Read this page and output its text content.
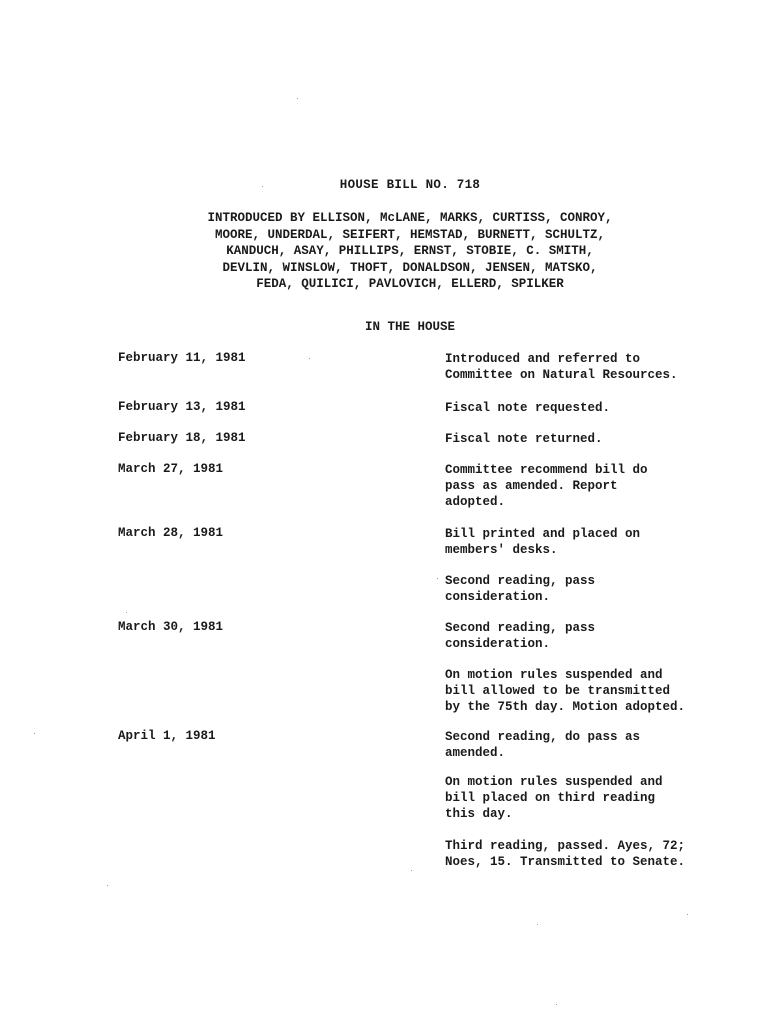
HOUSE BILL NO. 718
INTRODUCED BY ELLISON, McLANE, MARKS, CURTISS, CONROY,
MOORE, UNDERDAL, SEIFERT, HEMSTAD, BURNETT, SCHULTZ,
KANDUCH, ASAY, PHILLIPS, ERNST, STOBIE, C. SMITH,
DEVLIN, WINSLOW, THOFT, DONALDSON, JENSEN, MATSKO,
FEDA, QUILICI, PAVLOVICH, ELLERD, SPILKER
IN THE HOUSE
February 11, 1981	Introduced and referred to
Committee on Natural Resources.
February 13, 1981	Fiscal note requested.
February 18, 1981	Fiscal note returned.
March 27, 1981	Committee recommend bill do
pass as amended. Report
adopted.
March 28, 1981	Bill printed and placed on
members' desks.
Second reading, pass
consideration.
March 30, 1981	Second reading, pass
consideration.
On motion rules suspended and
bill allowed to be transmitted
by the 75th day. Motion adopted.
April 1, 1981	Second reading, do pass as
amended.
On motion rules suspended and
bill placed on third reading
this day.
Third reading, passed. Ayes, 72;
Noes, 15. Transmitted to Senate.
